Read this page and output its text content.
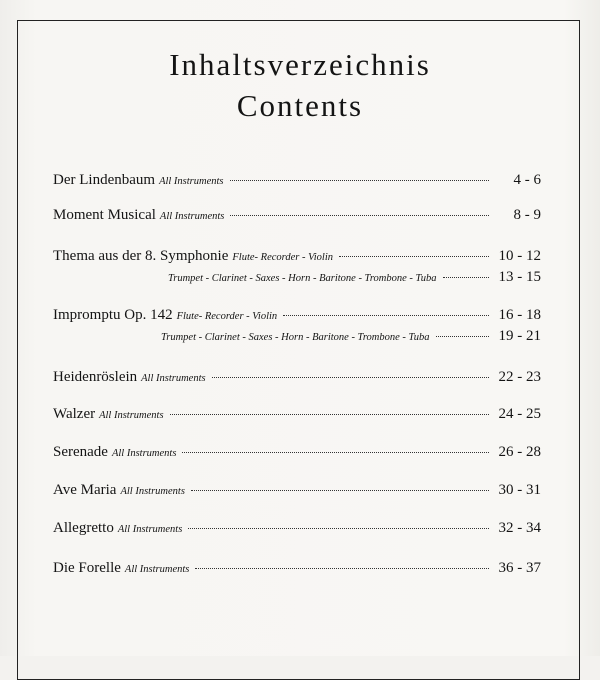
Inhaltsverzeichnis
Contents
Der Lindenbaum All Instruments	4 - 6
Moment Musical All Instruments	8 - 9
Thema aus der 8. Symphonie Flute- Recorder - Violin	10 - 12
Trumpet - Clarinet - Saxes - Horn - Baritone - Trombone - Tuba	13 - 15
Impromptu Op. 142 Flute- Recorder - Violin	16 - 18
Trumpet - Clarinet - Saxes - Horn - Baritone - Trombone - Tuba	19 - 21
Heidenröslein All Instruments	22 - 23
Walzer All Instruments	24 - 25
Serenade All Instruments	26 - 28
Ave Maria All Instruments	30 - 31
Allegretto All Instruments	32 - 34
Die Forelle All Instruments	36 - 37
